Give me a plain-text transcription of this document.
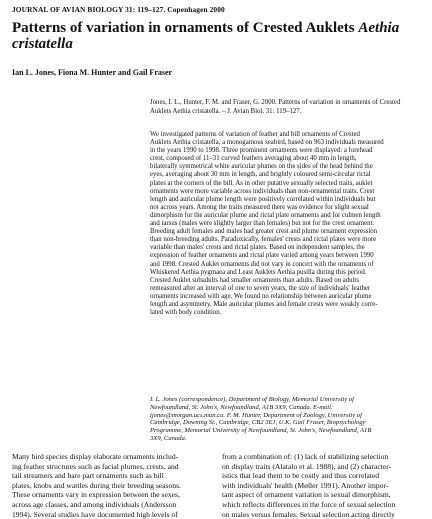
JOURNAL OF AVIAN BIOLOGY 31: 119–127. Copenhagen 2000
Patterns of variation in ornaments of Crested Auklets Aethia
cristatella
Ian L. Jones, Fiona M. Hunter and Gail Fraser
Jones, I. L., Hunter, F. M. and Fraser, G. 2000. Patterns of variation in ornaments of Crested Auklets Aethia cristatella. – J. Avian Biol. 31: 119–127.
We investigated patterns of variation of feather and bill ornaments of Crested
Auklets Aethia cristatella, a monogamous seabird, based on 963 individuals measured
in the years 1990 to 1998. Three prominent ornaments were displayed: a forehead
crest, composed of 11–31 curved feathers averaging about 40 mm in length,
bilaterally symmetrical white auricular plumes on the sides of the head behind the
eyes, averaging about 30 mm in length, and brightly coloured semi-circular rictal
plates at the corners of the bill. As in other putative sexually selected traits, auklet
ornaments were more variable across individuals than non-ornamental traits. Crest
length and auricular plume length were positively correlated within individuals but
not across years. Among the traits measured there was evidence for slight sexual
dimorphism for the auricular plume and rictal plate ornaments and for culmen length
and tarsus (males were slightly larger than females) but not for the crest ornament.
Breeding adult females and males had greater crest and plume ornament expression
than non-breeding adults. Paradoxically, females' crests and rictal plates were more
variable than males' crests and rictal plates. Based on independent samples, the
expression of feather ornaments and rictal plate varied among years between 1990
and 1998. Crested Auklet ornaments did not vary in concert with the ornaments of
Whiskered Aethia pygmaea and Least Auklets Aethia pusilla during this period.
Crested Auklet subadults had smaller ornaments than adults. Based on adults
remeasured after an interval of one to seven years, the size of individuals' feather
ornaments increased with age. We found no relationship between auricular plume
length and asymmetry. Male auricular plumes and female crests were weakly corre-
lated with body condition.
I. L. Jones (correspondence), Department of Biology, Memorial University of
Newfoundland, St. John's, Newfoundland, A1B 3X9, Canada. E-mail:
ijones@morgan.ucs.mun.ca. F. M. Hunter, Department of Zoology, University of
Cambridge, Downing St., Cambridge, CB2 3EJ, U.K. Gail Fraser, Biopsychology
Programme, Memorial University of Newfoundland, St. John's, Newfoundland, A1B
3X9, Canada.
Many bird species display elaborate ornaments includ-
ing feather structures such as facial plumes, crests, and
tail streamers and bare part ornaments such as bill
plates, knobs and wattles during their breeding seasons.
These ornaments vary in expression between the sexes,
across age classes, and among individuals (Andersson
1994). Several studies have documented high levels of
from a combination of: (1) lack of stabilizing selection
on display traits (Alatalo et al. 1988), and (2) character-
istics that lead them to be costly and thus correlated
with individuals' health (Møller 1991). Another impor-
tant aspect of ornament variation is sexual dimorphism,
which reflects differences in the force of sexual selection
on males versus females. Sexual selection acting directly
